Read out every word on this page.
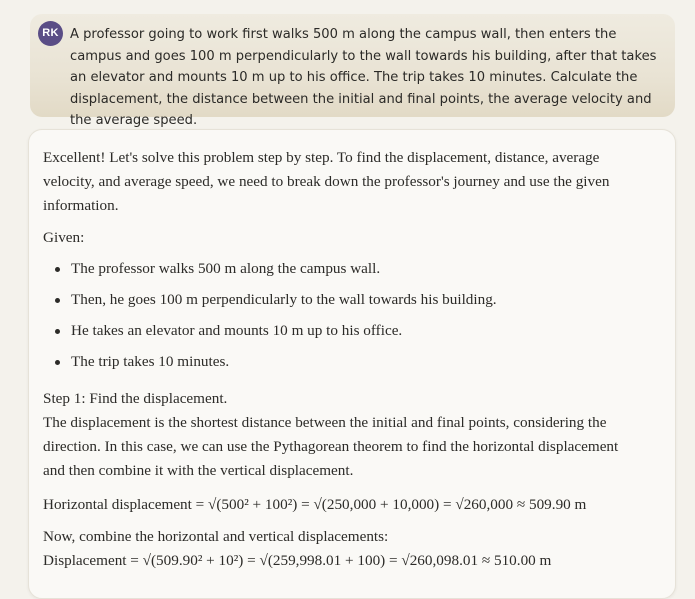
RK A professor going to work first walks 500 m along the campus wall, then enters the campus and goes 100 m perpendicularly to the wall towards his building, after that takes an elevator and mounts 10 m up to his office. The trip takes 10 minutes. Calculate the displacement, the distance between the initial and final points, the average velocity and the average speed.

Excellent! Let's solve this problem step by step. To find the displacement, distance, average velocity, and average speed, we need to break down the professor's journey and use the given information.

Given:

The professor walks 500 m along the campus wall.
Then, he goes 100 m perpendicularly to the wall towards his building.
He takes an elevator and mounts 10 m up to his office.
The trip takes 10 minutes.

Step 1: Find the displacement.

The displacement is the shortest distance between the initial and final points, considering the direction. In this case, we can use the Pythagorean theorem to find the horizontal displacement and then combine it with the vertical displacement.

Horizontal displacement = √(500² + 100²) = √(250,000 + 10,000) = √260,000 ≈ 509.90 m

Now, combine the horizontal and vertical displacements:

Displacement = √(509.90² + 10²) = √(259,998.01 + 100) = √260,098.01 ≈ 510.00 m
